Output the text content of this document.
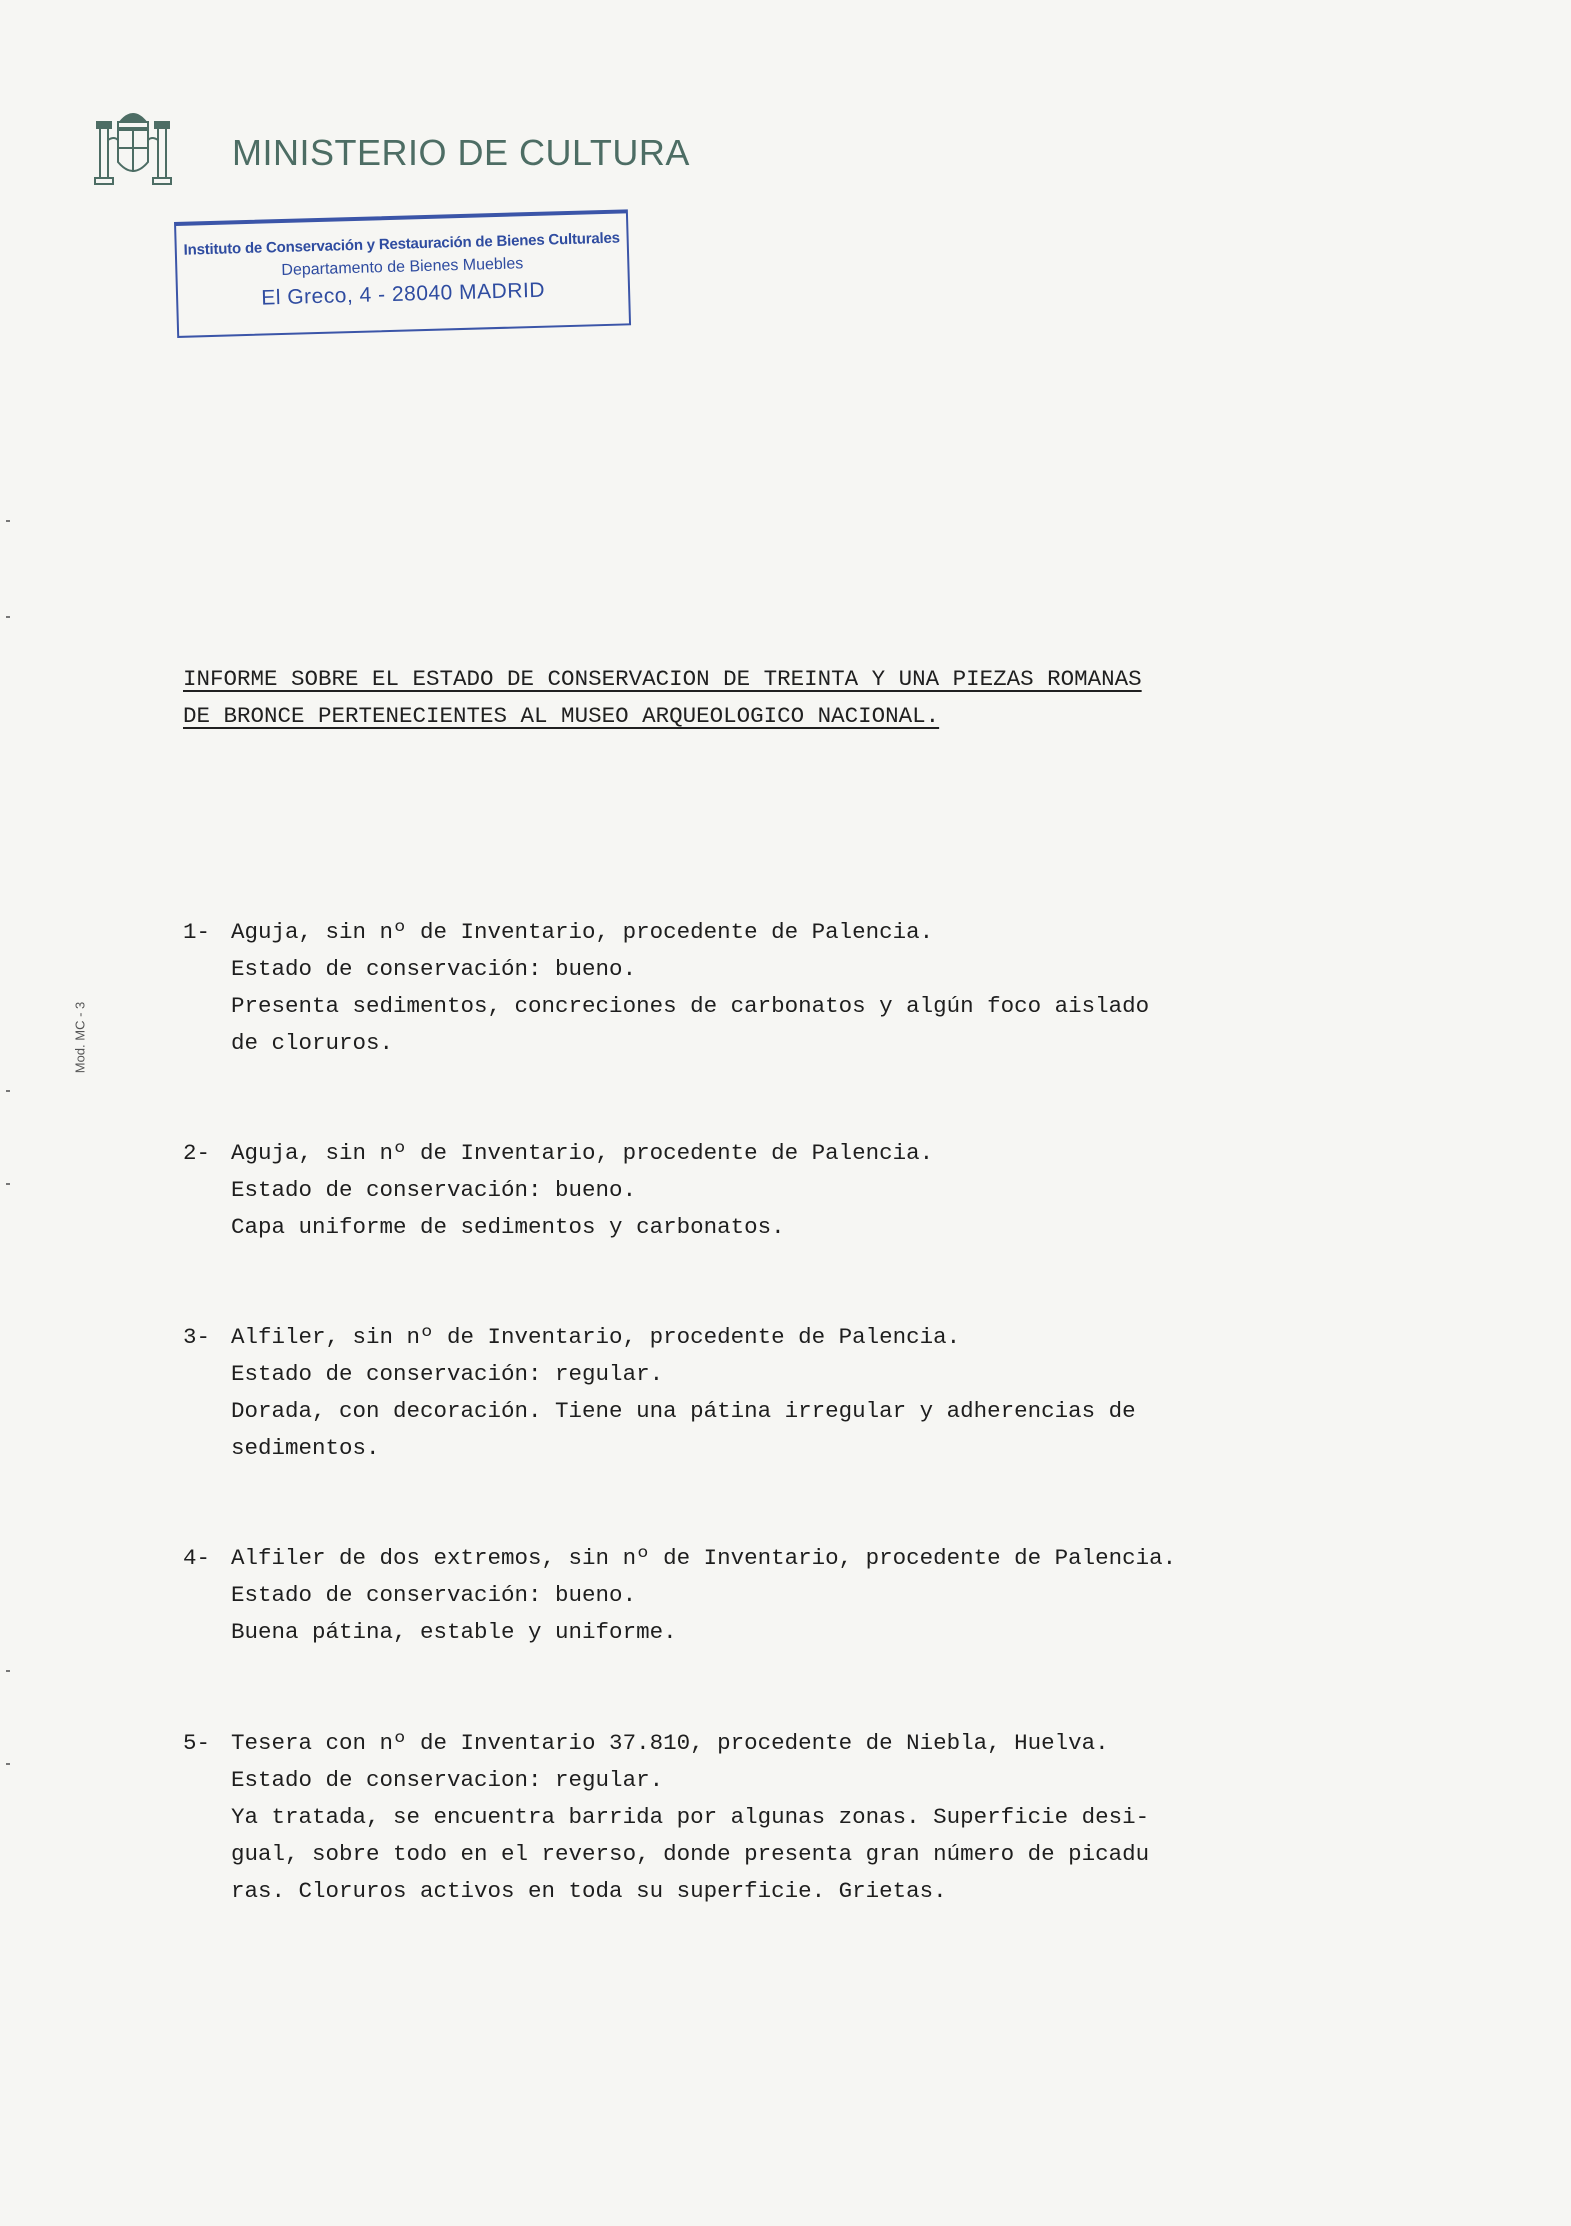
MINISTERIO DE CULTURA
Instituto de Conservación y Restauración de Bienes Culturales
Departamento de Bienes Muebles
El Greco, 4 - 28040 MADRID
Mod. MC - 3
INFORME SOBRE EL ESTADO DE CONSERVACION DE TREINTA Y UNA PIEZAS ROMANAS
DE BRONCE PERTENECIENTES AL MUSEO ARQUEOLOGICO NACIONAL.
1- Aguja, sin nº de Inventario, procedente de Palencia.
Estado de conservación: bueno.
Presenta sedimentos, concreciones de carbonatos y algún foco aislado
de cloruros.
2- Aguja, sin nº de Inventario, procedente de Palencia.
Estado de conservación: bueno.
Capa uniforme de sedimentos y carbonatos.
3- Alfiler, sin nº de Inventario, procedente de Palencia.
Estado de conservación: regular.
Dorada, con decoración. Tiene una pátina irregular y adherencias de
sedimentos.
4- Alfiler de dos extremos, sin nº de Inventario, procedente de Palencia.
Estado de conservación: bueno.
Buena pátina, estable y uniforme.
5- Tesera con nº de Inventario 37.810, procedente de Niebla, Huelva.
Estado de conservacion: regular.
Ya tratada, se encuentra barrida por algunas zonas. Superficie desi-
gual, sobre todo en el reverso, donde presenta gran número de picadu
ras. Cloruros activos en toda su superficie. Grietas.
